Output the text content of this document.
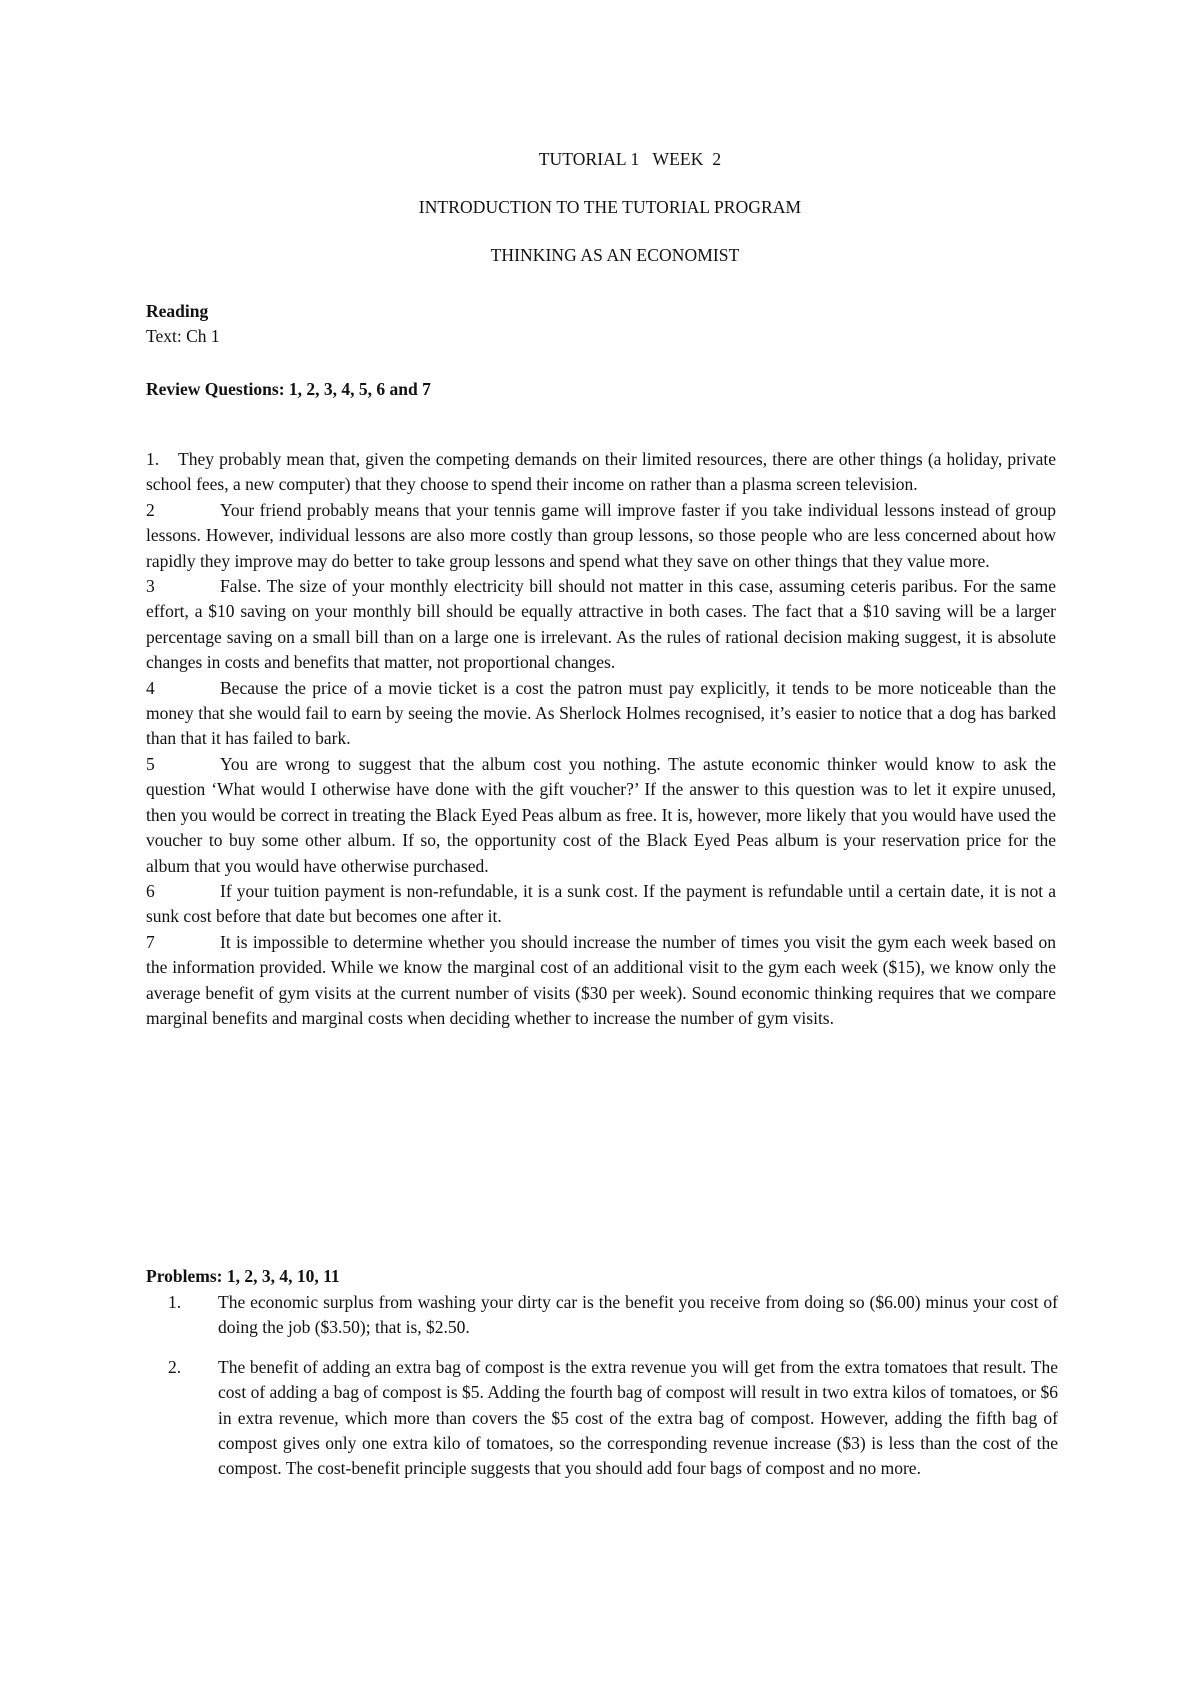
TUTORIAL 1   WEEK  2
INTRODUCTION TO THE TUTORIAL PROGRAM
THINKING AS AN ECONOMIST
Reading
Text: Ch 1
Review Questions: 1, 2, 3, 4, 5, 6 and 7

1. They probably mean that, given the competing demands on their limited resources, there are other things (a holiday, private school fees, a new computer) that they choose to spend their income on rather than a plasma screen television.

2	Your friend probably means that your tennis game will improve faster if you take individual lessons instead of group lessons. However, individual lessons are also more costly than group lessons, so those people who are less concerned about how rapidly they improve may do better to take group lessons and spend what they save on other things that they value more.

3	False. The size of your monthly electricity bill should not matter in this case, assuming ceteris paribus. For the same effort, a $10 saving on your monthly bill should be equally attractive in both cases. The fact that a $10 saving will be a larger percentage saving on a small bill than on a large one is irrelevant. As the rules of rational decision making suggest, it is absolute changes in costs and benefits that matter, not proportional changes.

4	Because the price of a movie ticket is a cost the patron must pay explicitly, it tends to be more noticeable than the money that she would fail to earn by seeing the movie. As Sherlock Holmes recognised, it’s easier to notice that a dog has barked than that it has failed to bark.

5	You are wrong to suggest that the album cost you nothing. The astute economic thinker would know to ask the question ‘What would I otherwise have done with the gift voucher?’ If the answer to this question was to let it expire unused, then you would be correct in treating the Black Eyed Peas album as free. It is, however, more likely that you would have used the voucher to buy some other album. If so, the opportunity cost of the Black Eyed Peas album is your reservation price for the album that you would have otherwise purchased.

6	If your tuition payment is non-refundable, it is a sunk cost. If the payment is refundable until a certain date, it is not a sunk cost before that date but becomes one after it.

7	It is impossible to determine whether you should increase the number of times you visit the gym each week based on the information provided. While we know the marginal cost of an additional visit to the gym each week ($15), we know only the average benefit of gym visits at the current number of visits ($30 per week). Sound economic thinking requires that we compare marginal benefits and marginal costs when deciding whether to increase the number of gym visits.

Problems: 1, 2, 3, 4, 10, 11
1.	The economic surplus from washing your dirty car is the benefit you receive from doing so ($6.00) minus your cost of doing the job ($3.50); that is, $2.50.
2.	The benefit of adding an extra bag of compost is the extra revenue you will get from the extra tomatoes that result. The cost of adding a bag of compost is $5. Adding the fourth bag of compost will result in two extra kilos of tomatoes, or $6 in extra revenue, which more than covers the $5 cost of the extra bag of compost. However, adding the fifth bag of compost gives only one extra kilo of tomatoes, so the corresponding revenue increase ($3) is less than the cost of the compost. The cost-benefit principle suggests that you should add four bags of compost and no more.
